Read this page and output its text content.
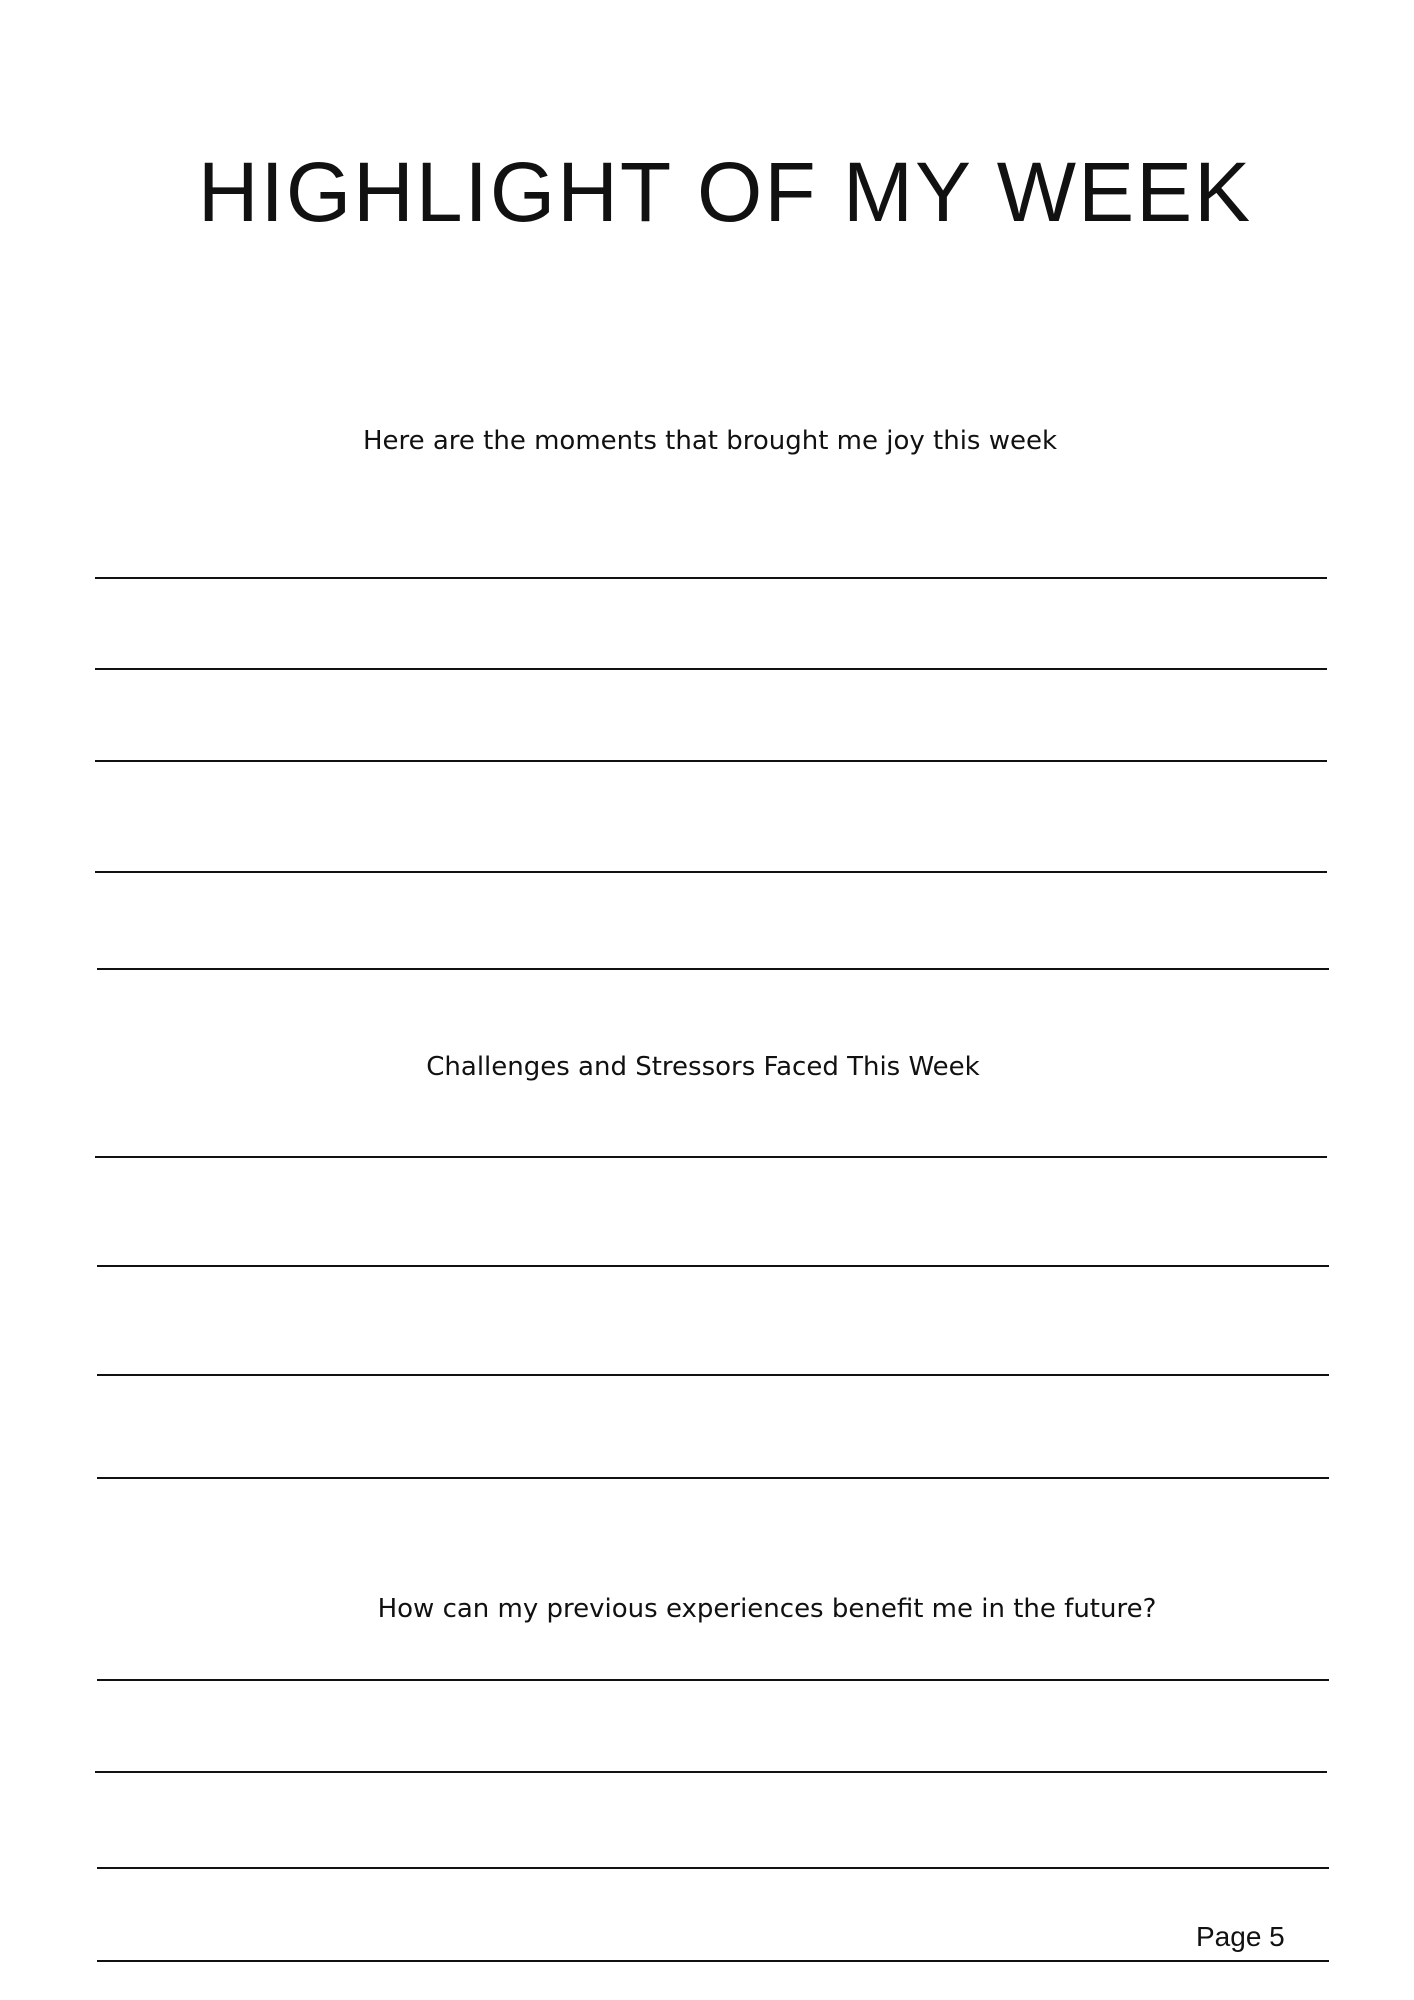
HIGHLIGHT OF MY WEEK

Here are the moments that brought me joy this week

Challenges and Stressors Faced This Week

How can my previous experiences benefit me in the future?

Page 5
